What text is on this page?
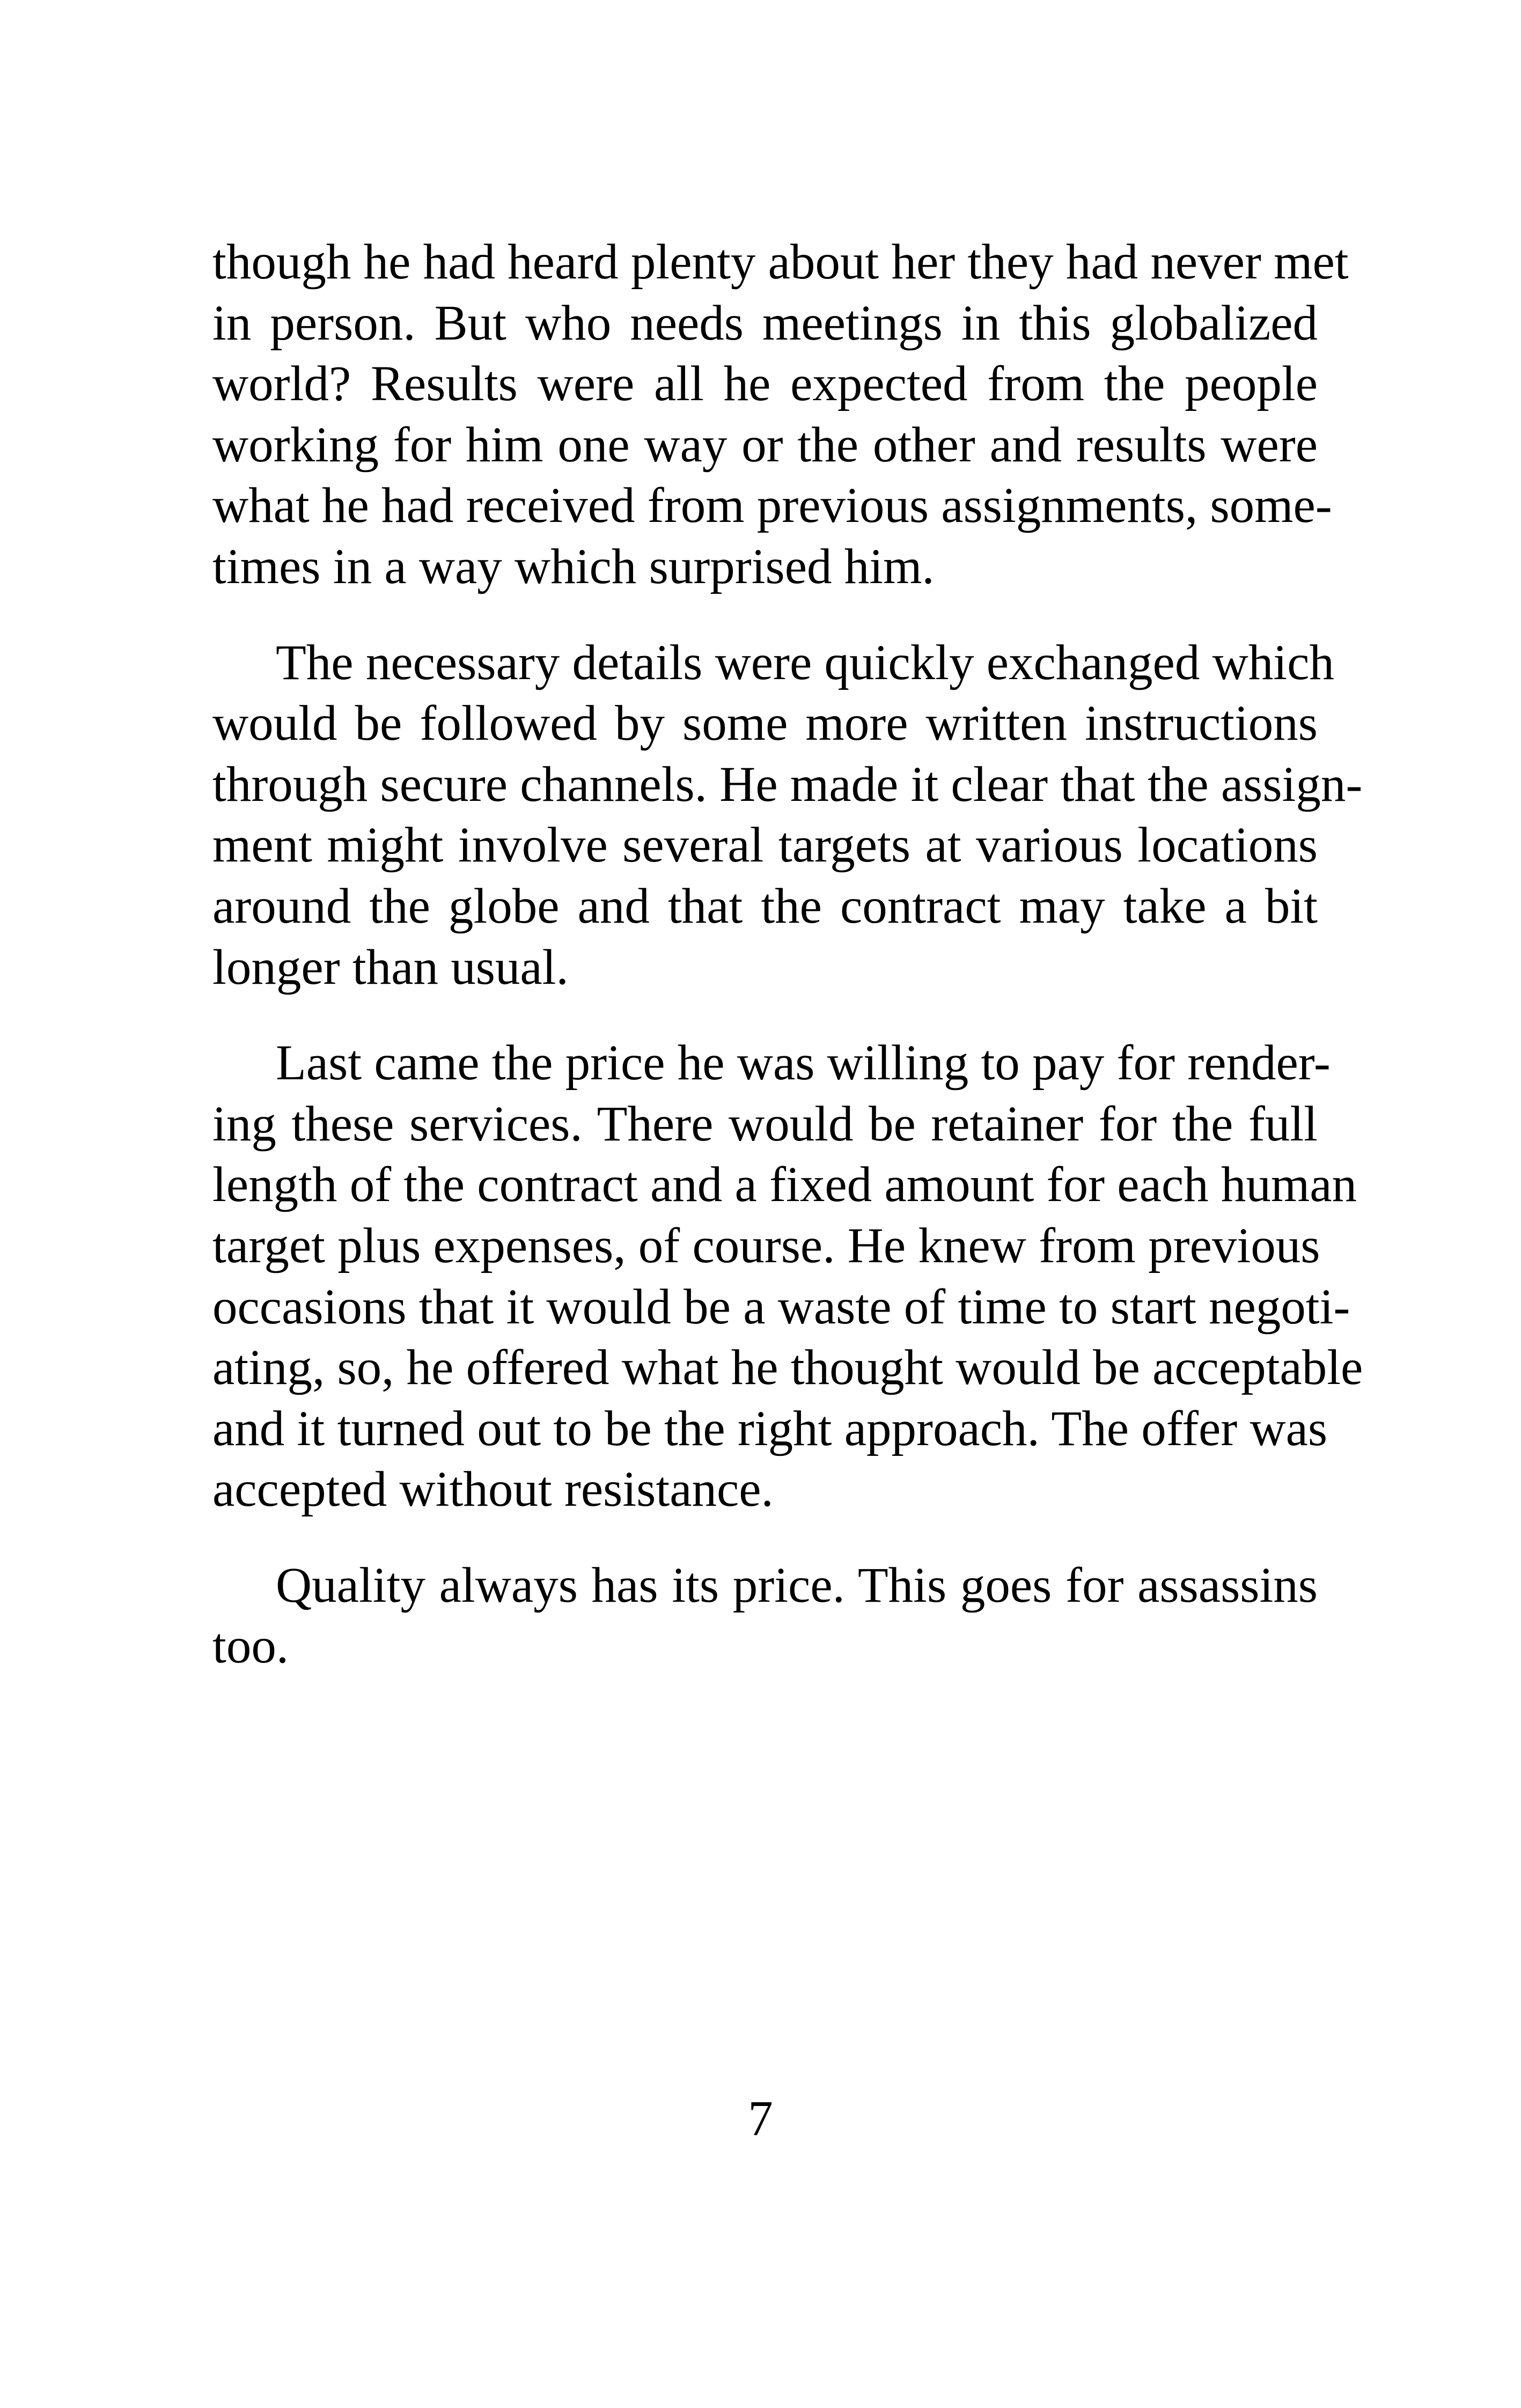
though he had heard plenty about her they had never met
in person. But who needs meetings in this globalized
world? Results were all he expected from the people
working for him one way or the other and results were
what he had received from previous assignments, some-
times in a way which surprised him.
The necessary details were quickly exchanged which
would be followed by some more written instructions
through secure channels. He made it clear that the assign-
ment might involve several targets at various locations
around the globe and that the contract may take a bit
longer than usual.
Last came the price he was willing to pay for render-
ing these services. There would be retainer for the full
length of the contract and a fixed amount for each human
target plus expenses, of course. He knew from previous
occasions that it would be a waste of time to start negoti-
ating, so, he offered what he thought would be acceptable
and it turned out to be the right approach. The offer was
accepted without resistance.
Quality always has its price. This goes for assassins
too.
7
